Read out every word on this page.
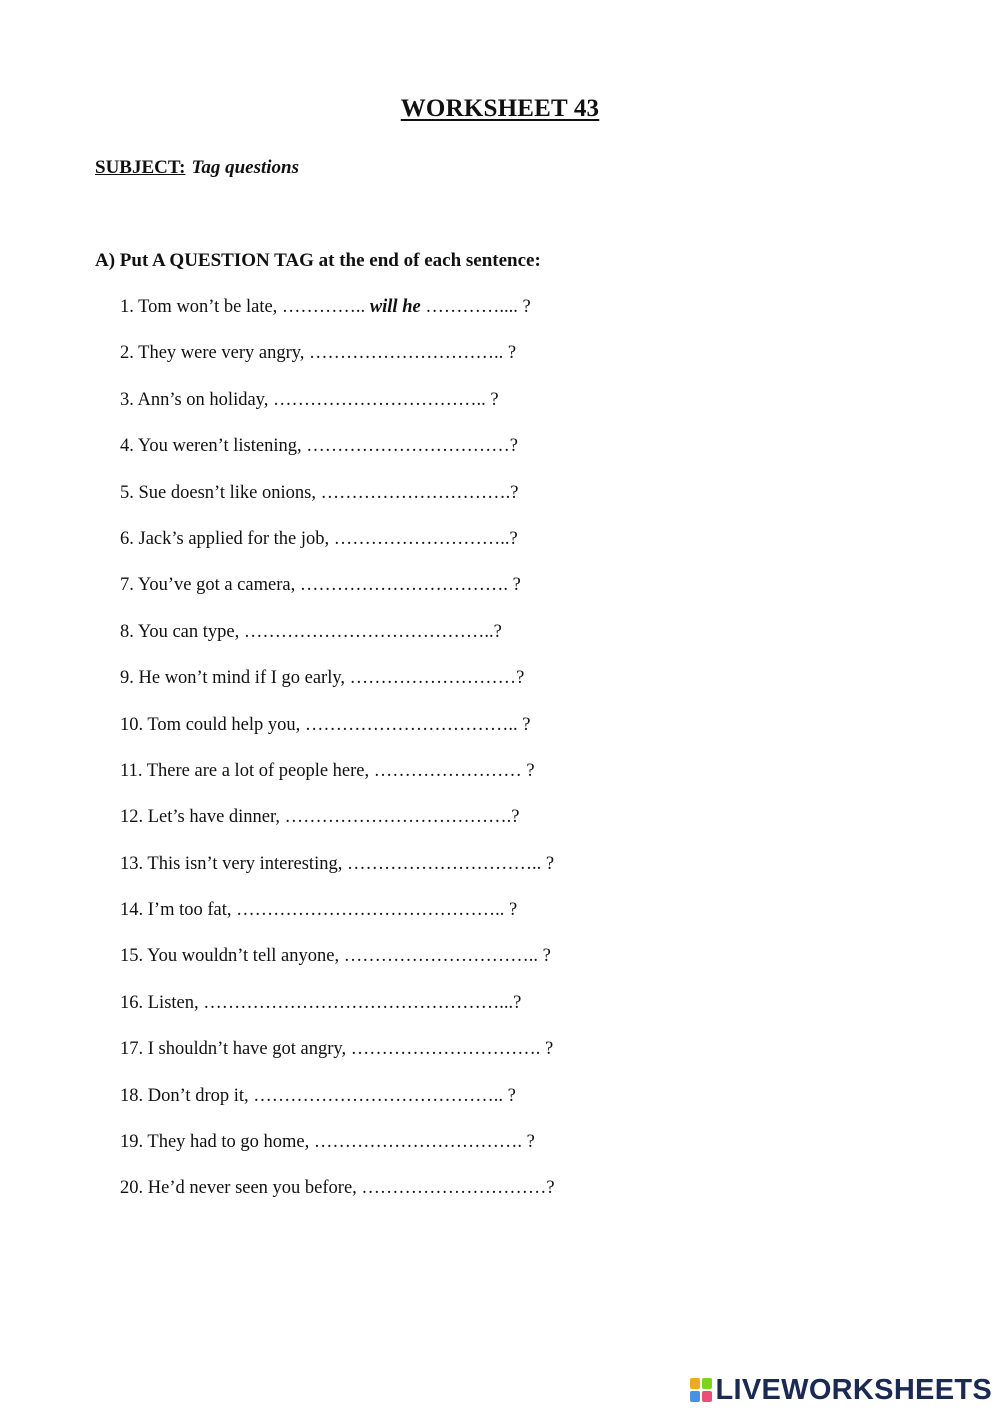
WORKSHEET 43
SUBJECT: Tag questions
A) Put A QUESTION TAG at the end of each sentence:
1. Tom won’t be late, ………….. will he ………….... ?
2. They were very angry, ………………………….. ?
3. Ann’s on holiday, …………………………….. ?
4. You weren’t listening, ……………………………?
5. Sue doesn’t like onions, ………………………….?
6. Jack’s applied for the job, ………………………..?
7. You’ve got a camera, ……………………………. ?
8. You can type, …………………………………..?
9. He won’t mind if I go early, ………………………?
10. Tom could help you, …………………………….. ?
11. There are a lot of people here, …………………… ?
12. Let’s have dinner, ……………………………….?
13. This isn’t very interesting, ………………………….. ?
14. I’m too fat, …………………………………….. ?
15. You wouldn’t tell anyone, ………………………….. ?
16. Listen, …………………………………………...?
17. I shouldn’t have got angry, …………………………. ?
18. Don’t drop it, ………………………………….. ?
19. They had to go home, ……………………………. ?
20. He’d never seen you before, …………………………?
LIVEWORKSHEETS
